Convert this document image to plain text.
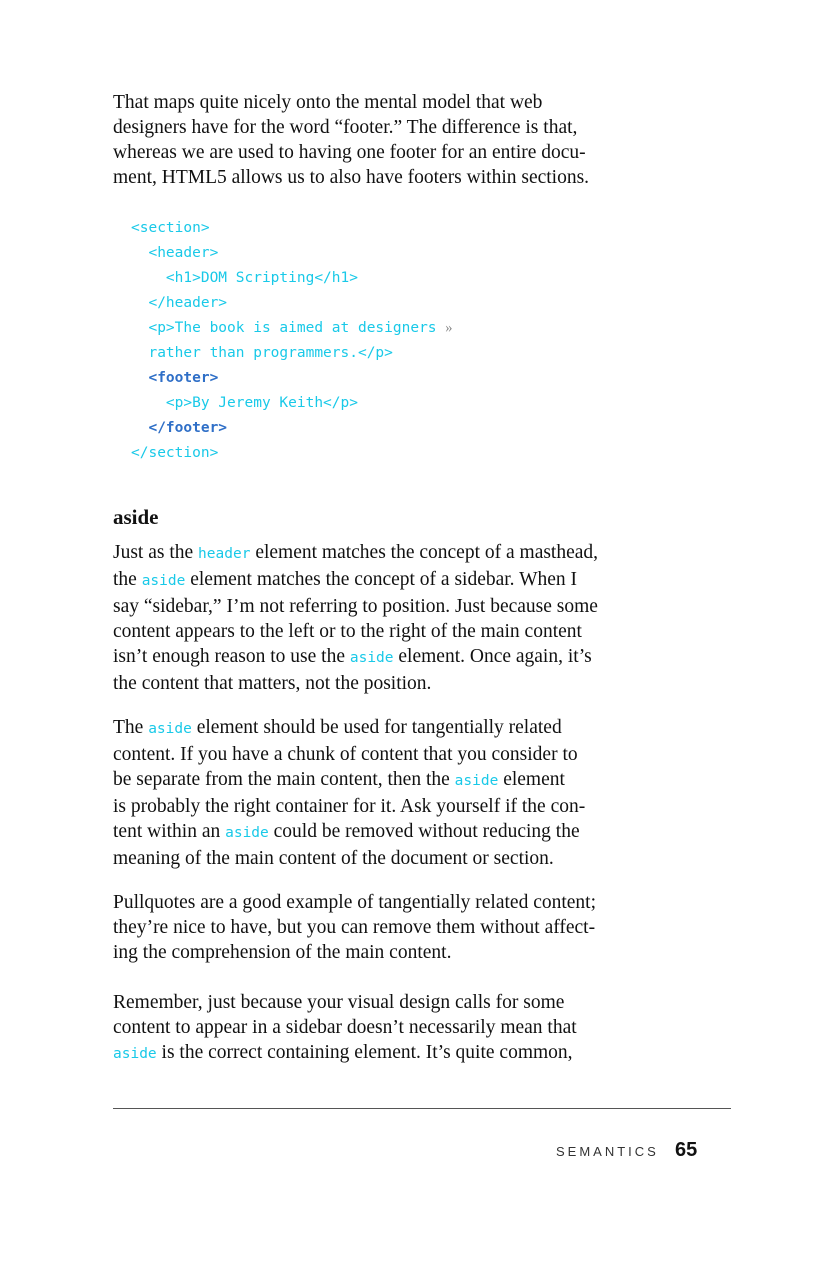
That maps quite nicely onto the mental model that web
designers have for the word “footer.” The difference is that,
whereas we are used to having one footer for an entire docu-
ment, HTML5 allows us to also have footers within sections.

<section>
<header>
<h1>DOM Scripting</h1>
</header>
<p>The book is aimed at designers »
rather than programmers.</p>
<footer>
<p>By Jeremy Keith</p>
</footer>
</section>
aside

Just as the header element matches the concept of a masthead,
the aside element matches the concept of a sidebar. When I
say “sidebar,” I’m not referring to position. Just because some
content appears to the left or to the right of the main content
isn’t enough reason to use the aside element. Once again, it’s
the content that matters, not the position.

The aside element should be used for tangentially related
content. If you have a chunk of content that you consider to
be separate from the main content, then the aside element
is probably the right container for it. Ask yourself if the con-
tent within an aside could be removed without reducing the
meaning of the main content of the document or section.

Pullquotes are a good example of tangentially related content;
they’re nice to have, but you can remove them without affect-
ing the comprehension of the main content.

Remember, just because your visual design calls for some
content to appear in a sidebar doesn’t necessarily mean that
aside is the correct containing element. It’s quite common,

SEMANTICS 65
